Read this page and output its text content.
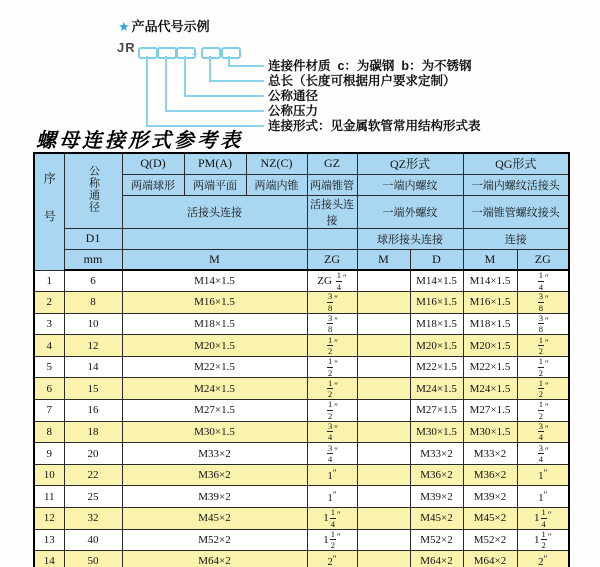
★ 产品代号示例
JR	–
连接件材质  c：为碳钢  b：为不锈钢
总长（长度可根据用户要求定制）
公称通径
公称压力
连接形式：见金属软管常用结构形式表
螺母连接形式参考表
序号	公称通径	Q(D)	PM(A)	NZ(C)	GZ	QZ形式		QG形式	
		两端球形	两端平面	两端内锥	两端锥管	一端内螺纹		一端内螺纹活接头	
		活接头连接			活接头连接	一端外螺纹		一端锥管螺纹接头	
	D1					球形接头连接		连接	
	mm	M			ZG	M	D	M	ZG
1	6	M14×1.5			ZG $\frac{1}{4} ''$		M14×1.5	M14×1.5	$\frac{1}{4} ''$
2	8	M16×1.5			$\frac{3}{8} ''$		M16×1.5	M16×1.5	$\frac{3}{8} ''$
3	10	M18×1.5			$\frac{3}{8} ''$		M18×1.5	M18×1.5	$\frac{3}{8} ''$
4	12	M20×1.5			$\frac{1}{2} ''$		M20×1.5	M20×1.5	$\frac{1}{2} ''$
5	14	M22×1.5			$\frac{1}{2} ''$		M22×1.5	M22×1.5	$\frac{1}{2} ''$
6	15	M24×1.5			$\frac{1}{2} ''$		M24×1.5	M24×1.5	$\frac{1}{2} ''$
7	16	M27×1.5			$\frac{1}{2} ''$		M27×1.5	M27×1.5	$\frac{1}{2} ''$
8	18	M30×1.5			$\frac{3}{4} ''$		M30×1.5	M30×1.5	$\frac{3}{4} ''$
9	20	M33×2			$\frac{3}{4} ''$		M33×2	M33×2	$\frac{3}{4} ''$
10	22	M36×2			1″		M36×2	M36×2	1″
11	25	M39×2			1″		M39×2	M39×2	1″
12	32	M45×2			$1 \frac{1}{4} ''$		M45×2	M45×2	$1 \frac{1}{4} ''$
13	40	M52×2			$1 \frac{1}{2} ''$		M52×2	M52×2	$1 \frac{1}{2} ''$
14	50	M64×2			2″		M64×2	M64×2	2″
